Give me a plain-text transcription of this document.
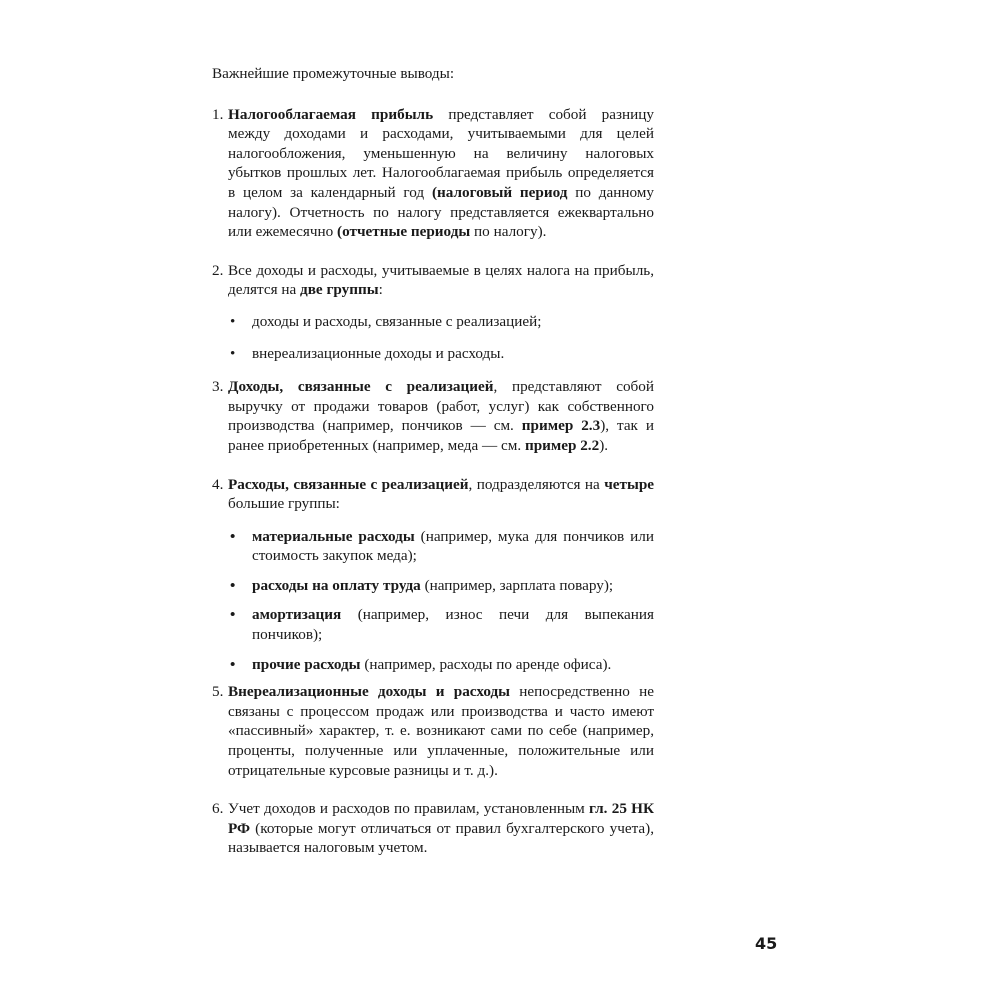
Важнейшие промежуточные выводы:

1. Налогооблагаемая прибыль представляет собой разницу между доходами и расходами, учитываемыми для целей налогообложения, уменьшенную на величину налоговых убытков прошлых лет. Налогооблагаемая прибыль определяется в целом за календарный год (налоговый период по данному налогу). Отчетность по налогу представляется ежеквартально или ежемесячно (отчетные периоды по налогу).

2. Все доходы и расходы, учитываемые в целях налога на прибыль, делятся на две группы:

•	доходы и расходы, связанные с реализацией;
•	внереализационные доходы и расходы.
3. Доходы, связанные с реализацией, представляют собой выручку от продажи товаров (работ, услуг) как собственного производства (например, пончиков — см. пример 2.3), так и ранее приобретенных (например, меда — см. пример 2.2).

4. Расходы, связанные с реализацией, подразделяются на четыре большие группы:

•	материальные расходы (например, мука для пончиков или стоимость закупок меда);
•	расходы на оплату труда (например, зарплата повару);
•	амортизация (например, износ печи для выпекания пончиков);
•	прочие расходы (например, расходы по аренде офиса).
5. Внереализационные доходы и расходы непосредственно не связаны с процессом продаж или производства и часто имеют «пассивный» характер, т. е. возникают сами по себе (например, проценты, полученные или уплаченные, положительные или отрицательные курсовые разницы и т. д.).

6. Учет доходов и расходов по правилам, установленным гл. 25 НК РФ (которые могут отличаться от правил бухгалтерского учета), называется налоговым учетом.

45
